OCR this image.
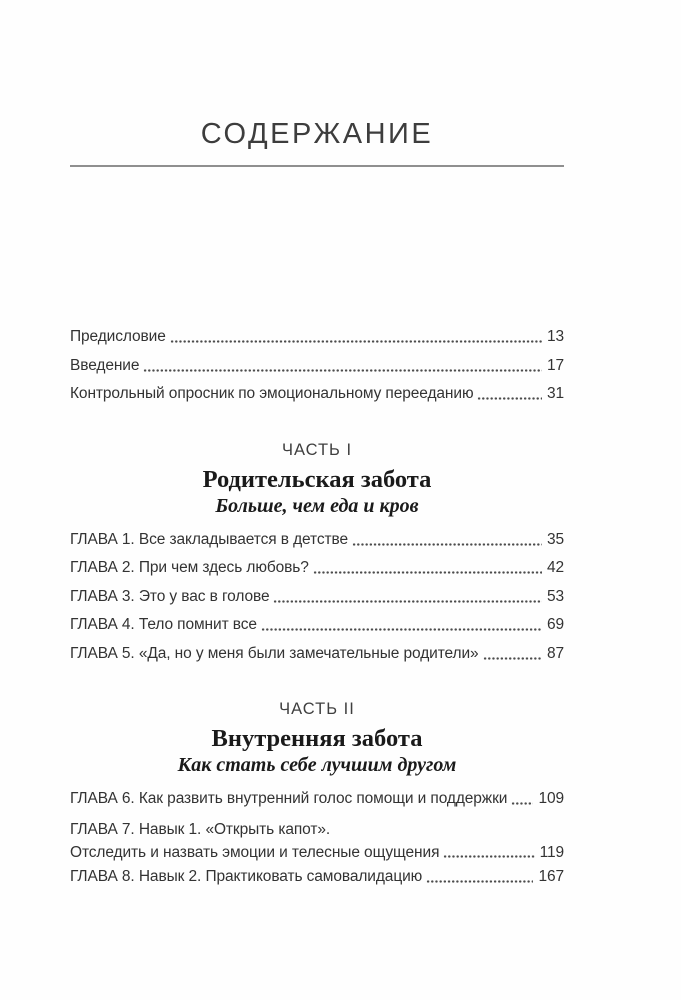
СОДЕРЖАНИЕ
Предисловие	13
Введение	17
Контрольный опросник по эмоциональному перееданию	31
ЧАСТЬ I
Родительская забота
Больше, чем еда и кров
ГЛАВА 1. Все закладывается в детстве	35
ГЛАВА 2. При чем здесь любовь?	42
ГЛАВА 3. Это у вас в голове	53
ГЛАВА 4. Тело помнит все	69
ГЛАВА 5. «Да, но у меня были замечательные родители»	87
ЧАСТЬ II
Внутренняя забота
Как стать себе лучшим другом
ГЛАВА 6. Как развить внутренний голос помощи и поддержки 109
ГЛАВА 7. Навык 1. «Открыть капот».
Отследить и назвать эмоции и телесные ощущения	119
ГЛАВА 8. Навык 2. Практиковать самовалидацию	167
